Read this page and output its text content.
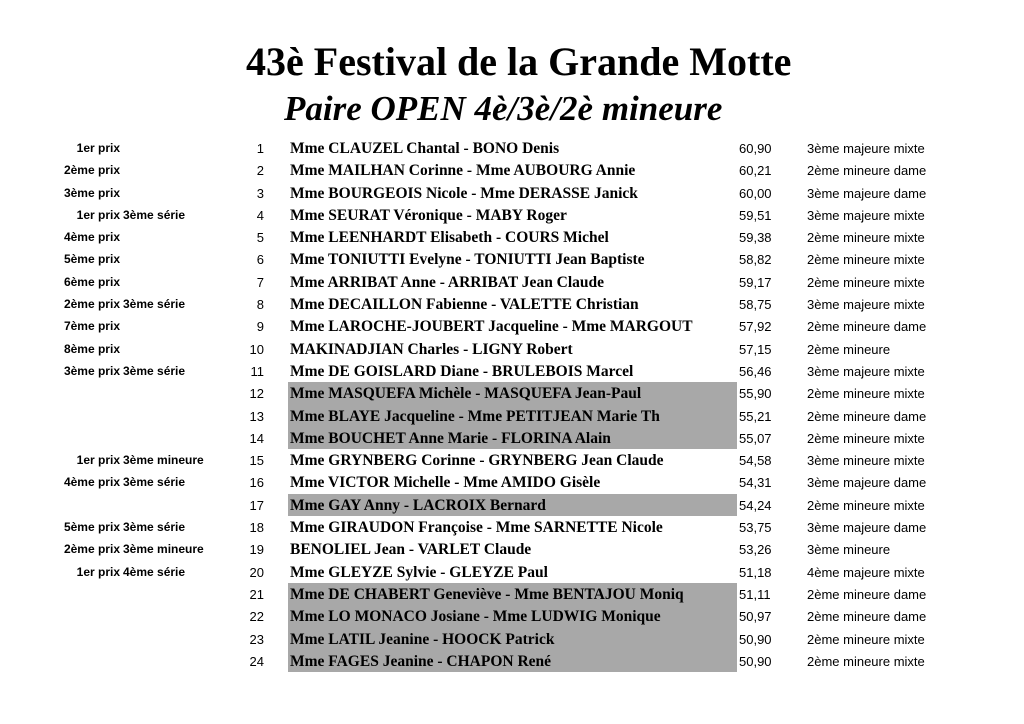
43è Festival de la Grande Motte
Paire OPEN 4è/3è/2è mineure
1er prix	1 Mme CLAUZEL Chantal - BONO Denis	60,90	3ème majeure mixte
2ème prix	2 Mme MAILHAN Corinne - Mme AUBOURG Annie	60,21	2ème mineure dame
3ème prix	3 Mme BOURGEOIS Nicole - Mme DERASSE Janick	60,00	3ème majeure dame
1er prix 3ème série	4 Mme SEURAT Véronique - MABY Roger	59,51	3ème majeure mixte
4ème prix	5 Mme LEENHARDT Elisabeth - COURS Michel	59,38	2ème mineure mixte
5ème prix	6 Mme TONIUTTI Evelyne - TONIUTTI Jean Baptiste	58,82	2ème mineure mixte
6ème prix	7 Mme ARRIBAT Anne - ARRIBAT Jean Claude	59,17	2ème mineure mixte
2ème prix 3ème série	8 Mme DECAILLON Fabienne - VALETTE Christian	58,75	3ème majeure mixte
7ème prix	9 Mme LAROCHE-JOUBERT Jacqueline - Mme MARGOUT	57,92	2ème mineure dame
8ème prix	10 MAKINADJIAN Charles - LIGNY Robert	57,15	2ème mineure
3ème prix 3ème série	11 Mme DE GOISLARD Diane - BRULEBOIS Marcel	56,46	3ème majeure mixte
12 Mme MASQUEFA Michèle - MASQUEFA Jean-Paul	55,90	2ème mineure mixte
13 Mme BLAYE Jacqueline - Mme PETITJEAN Marie Th	55,21	2ème mineure dame
14 Mme BOUCHET Anne Marie - FLORINA Alain	55,07	2ème mineure mixte
1er prix 3ème mineure	15 Mme GRYNBERG Corinne - GRYNBERG Jean Claude	54,58	3ème mineure mixte
4ème prix 3ème série	16 Mme VICTOR Michelle - Mme AMIDO Gisèle	54,31	3ème majeure dame
17 Mme GAY Anny - LACROIX Bernard	54,24	2ème mineure mixte
5ème prix 3ème série	18 Mme GIRAUDON Françoise - Mme SARNETTE Nicole	53,75	3ème majeure dame
2ème prix 3ème mineure	19 BENOLIEL Jean - VARLET Claude	53,26	3ème mineure
1er prix 4ème série	20 Mme GLEYZE Sylvie - GLEYZE Paul	51,18	4ème majeure mixte
21 Mme DE CHABERT Geneviève - Mme BENTAJOU Moniq	51,11	2ème mineure dame
22 Mme LO MONACO Josiane - Mme LUDWIG Monique	50,97	2ème mineure dame
23 Mme LATIL Jeanine - HOOCK Patrick	50,90	2ème mineure mixte
24 Mme FAGES Jeanine - CHAPON René	50,90	2ème mineure mixte
